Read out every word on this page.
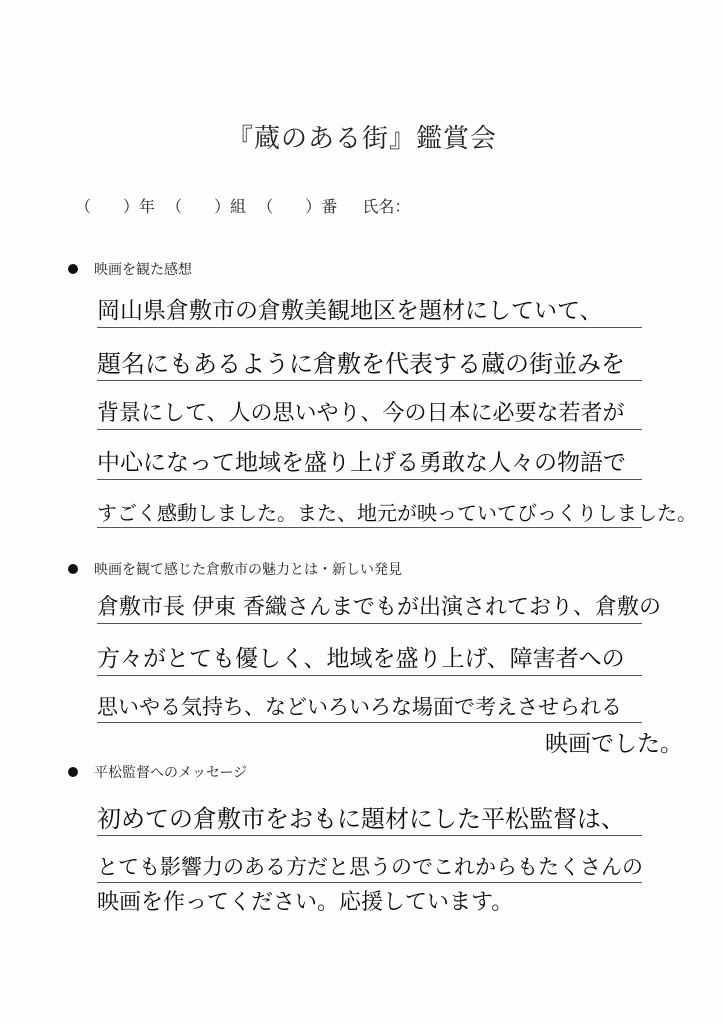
『蔵のある街』鑑賞会
（　　）年 （　　）組 （　　）番 氏名：
映画を観た感想
岡山県倉敷市の倉敷美観地区を題材にしていて、
題名にもあるように倉敷を代表する蔵の街並みを
背景にして、人の思いやり、今の日本に必要な若者が
中心になって地域を盛り上げる勇敢な人々の物語で
すごく感動しました。また、地元が映っていてびっくりしました。
映画を観て感じた倉敷市の魅力とは・新しい発見
倉敷市長 伊東 香織さんまでもが出演されており、倉敷の
方々がとても優しく、地域を盛り上げ、障害者への
思いやる気持ち、などいろいろな場面で考えさせられる
映画でした。
平松監督へのメッセージ
初めての倉敷市をおもに題材にした平松監督は、
とても影響力のある方だと思うのでこれからもたくさんの
映画を作ってください。応援しています。
